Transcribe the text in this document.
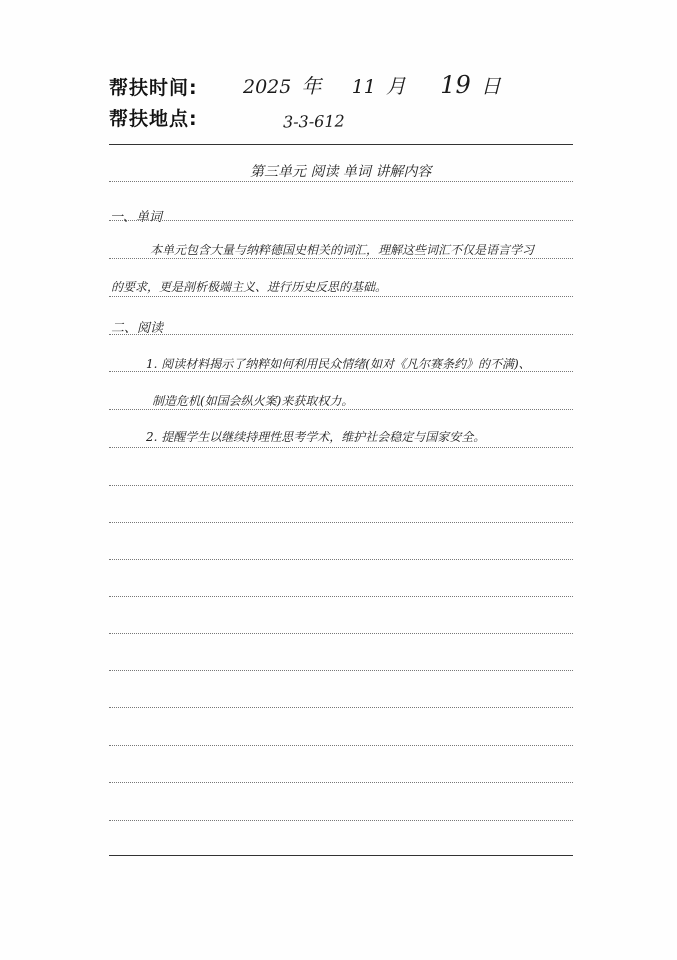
帮扶时间:
帮扶地点:
2025 年 11 月 19 日
3-3-612
第三单元 阅读 单词 讲解内容
一、单词
本单元包含大量与纳粹德国史相关的词汇，理解这些词汇不仅是语言学习
的要求，更是剖析极端主义、进行历史反思的基础。
二、阅读
1. 阅读材料揭示了纳粹如何利用民众情绪(如对《凡尔赛条约》的不满)、
制造危机(如国会纵火案)来获取权力。
2. 提醒学生以继续持理性思考学术，维护社会稳定与国家安全。
